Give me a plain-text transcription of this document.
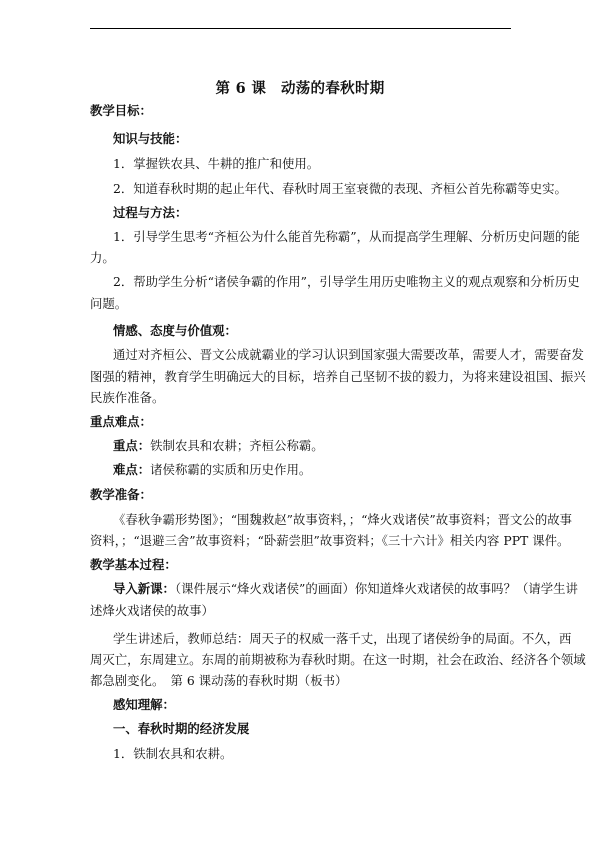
第 6 课　动荡的春秋时期
教学目标：
知识与技能：
1．掌握铁农具、牛耕的推广和使用。
2．知道春秋时期的起止年代、春秋时周王室衰微的表现、齐桓公首先称霸等史实。
过程与方法：
1．引导学生思考“齐桓公为什么能首先称霸”，从而提高学生理解、分析历史问题的能
力。
2．帮助学生分析“诸侯争霸的作用”，引导学生用历史唯物主义的观点观察和分析历史
问题。
情感、态度与价值观：
通过对齐桓公、晋文公成就霸业的学习认识到国家强大需要改革，需要人才，需要奋发
图强的精神，教育学生明确远大的目标，培养自己坚韧不拔的毅力，为将来建设祖国、振兴
民族作准备。
重点难点：
重点：铁制农具和农耕；齐桓公称霸。
难点：诸侯称霸的实质和历史作用。
教学准备：
《春秋争霸形势图》；“围魏救赵”故事资料，；“烽火戏诸侯”故事资料；晋文公的故事
资料，；“退避三舍”故事资料；“卧薪尝胆”故事资料；《三十六计》相关内容 PPT 课件。
教学基本过程：
导入新课：（课件展示“烽火戏诸侯”的画面）你知道烽火戏诸侯的故事吗？（请学生讲
述烽火戏诸侯的故事）
学生讲述后，教师总结：周天子的权威一落千丈，出现了诸侯纷争的局面。不久，西
周灭亡，东周建立。东周的前期被称为春秋时期。在这一时期，社会在政治、经济各个领域
都急剧变化。　第 6 课动荡的春秋时期（板书）
感知理解：
一、春秋时期的经济发展
1．铁制农具和农耕。
